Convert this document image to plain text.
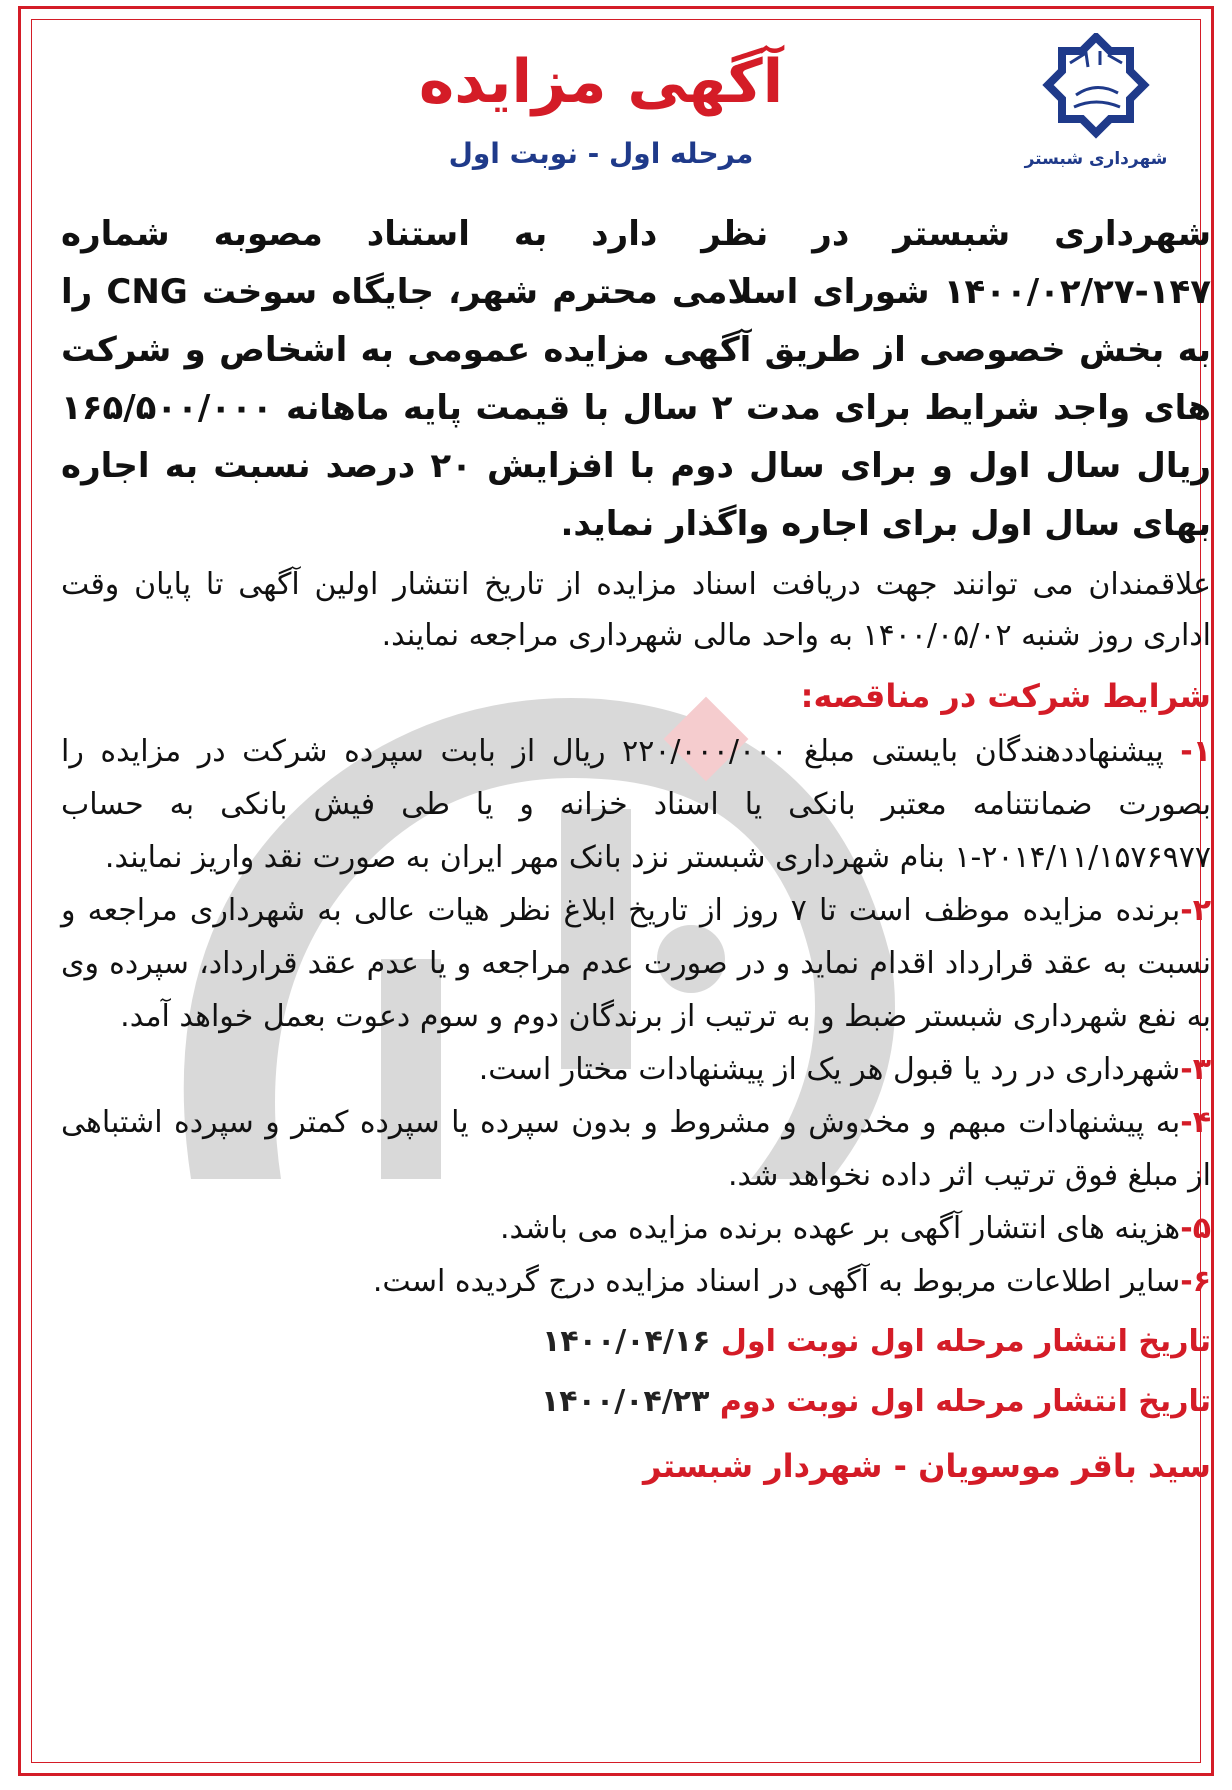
شهرداری شبستر
آگهی مزایده
مرحله اول - نوبت اول

شهرداری شبستر در نظر دارد به استناد مصوبه شماره ۱۴۷-۱۴۰۰/۰۲/۲۷ شورای اسلامی محترم شهر، جایگاه سوخت CNG را به بخش خصوصی از طریق آگهی مزایده عمومی به اشخاص و شرکت های واجد شرایط برای مدت ۲ سال با قیمت پایه ماهانه ۱۶۵/۵۰۰/۰۰۰ ریال سال اول و برای سال دوم با افزایش ۲۰ درصد نسبت به اجاره بهای سال اول برای اجاره واگذار نماید.

علاقمندان می توانند جهت دریافت اسناد مزایده از تاریخ انتشار اولین آگهی تا پایان وقت اداری روز شنبه ۱۴۰۰/۰۵/۰۲ به واحد مالی شهرداری مراجعه نمایند.

شرایط شرکت در مناقصه:

۱- پیشنهاددهندگان بایستی مبلغ ۲۲۰/۰۰۰/۰۰۰ ریال از بابت سپرده شرکت در مزایده را بصورت ضمانتنامه معتبر بانکی یا اسناد خزانه و یا طی فیش بانکی به حساب ۲۰۱۴/۱۱/۱۵۷۶۹۷۷-۱ بنام شهرداری شبستر نزد بانک مهر ایران به صورت نقد واریز نمایند.

۲-برنده مزایده موظف است تا ۷ روز از تاریخ ابلاغ نظر هیات عالی به شهرداری مراجعه و نسبت به عقد قرارداد اقدام نماید و در صورت عدم مراجعه و یا عدم عقد قرارداد، سپرده وی به نفع شهرداری شبستر ضبط و به ترتیب از برندگان دوم و سوم دعوت بعمل خواهد آمد.

۳-شهرداری در رد یا قبول هر یک از پیشنهادات مختار است.

۴-به پیشنهادات مبهم و مخدوش و مشروط و بدون سپرده یا سپرده کمتر و سپرده اشتباهی از مبلغ فوق ترتیب اثر داده نخواهد شد.

۵-هزینه های انتشار آگهی بر عهده برنده مزایده می باشد.

۶-سایر اطلاعات مربوط به آگهی در اسناد مزایده درج گردیده است.

تاریخ انتشار مرحله اول نوبت اول ۱۴۰۰/۰۴/۱۶

تاریخ انتشار مرحله اول نوبت دوم ۱۴۰۰/۰۴/۲۳

سید باقر موسویان - شهردار شبستر
